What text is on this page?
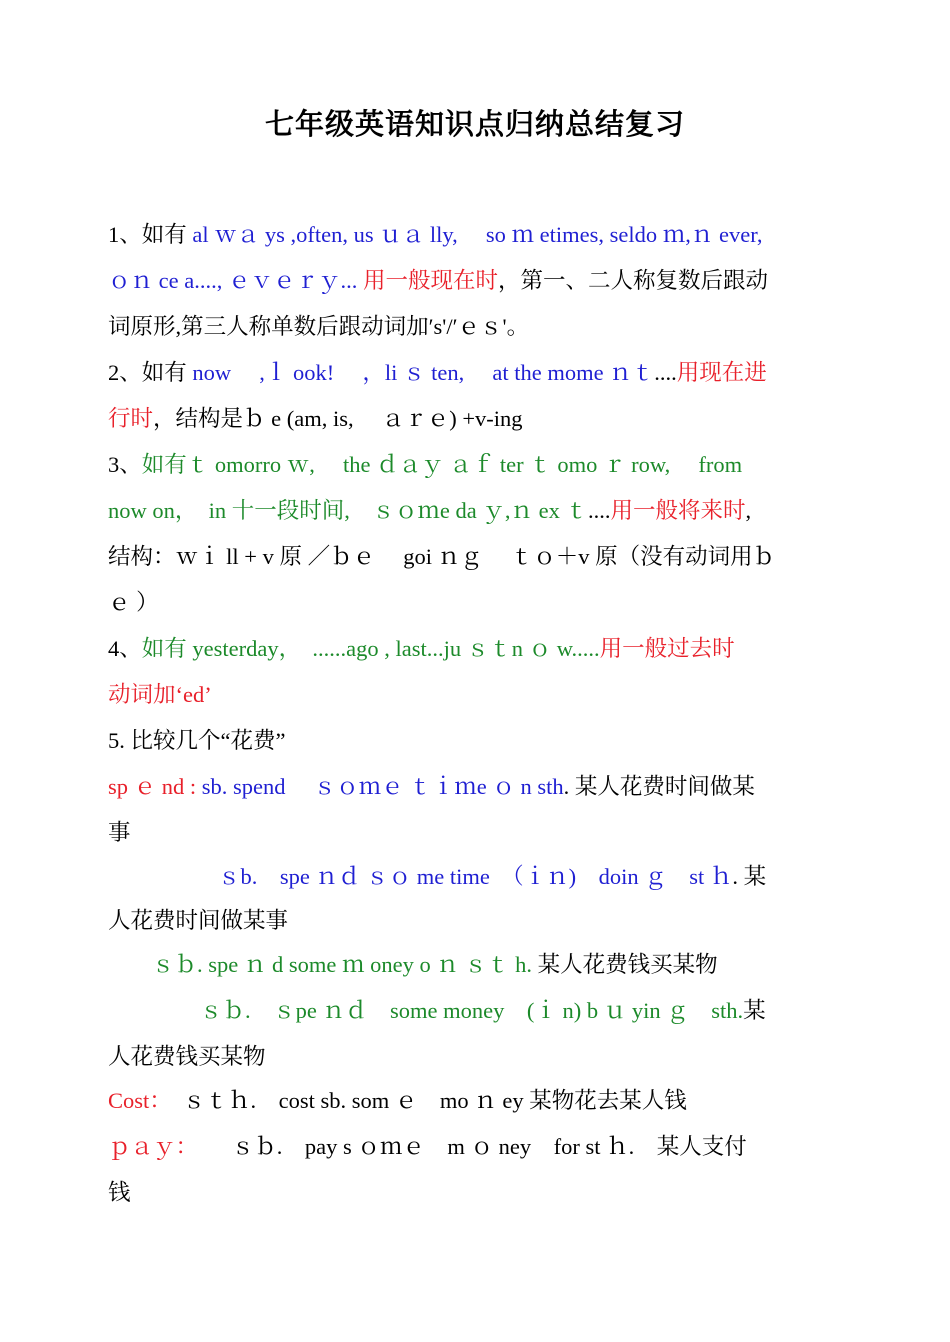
七年级英语知识点归纳总结复习
1、如有 al ｗａ ys ,often, us ｕａ lly,　 so ｍ etimes, seldo ｍ,ｎ ever,
ｏｎ ce a...., ｅｖｅｒｙ... 用一般现在时，第一、二人称复数后跟动
词原形,第三人称单数后跟动词加′s'/′ｅｓ'。
2、如有 now 　,ｌ ook!　 ，li ｓ ten,　 at the mome ｎｔ....用现在进
行时，结构是ｂ e (am, is,　 ａｒｅ) +v-ing
3、如有ｔ omorro ｗ,　 the ｄａｙ ａｆ ter ｔ omo ｒ row,　 from
now on，　in 十一段时间,　ｓｏｍe da ｙ,ｎ ex ｔ....用一般将来时,
结构：ｗｉ ll + v 原 ／ｂｅ　 goi ｎｇ　 ｔｏ＋v 原（没有动词用ｂ
ｅ ）
4、如有 yesterday，　......ago , last...ju ｓｔn ｏ w.....用一般过去时
动词加‘ed’
5. 比较几个“花费”
sp ｅ nd : sb. spend　 ｓｏｍｅ ｔｉｍe ｏ n sth. 某人花费时间做某
事
ｓb.　spe ｎｄ ｓｏ me time　（ｉｎ)　doin ｇ　st ｈ. 某
人花费时间做某事
ｓｂ. spe ｎ d some ｍ oney o ｎ ｓｔ h. 某人花费钱买某物
ｓｂ.　ｓpe ｎｄ　some money　(ｉ n) b ｕ yin ｇ　sth.某
人花费钱买某物
Cost：　ｓｔｈ.　cost sb. som ｅ　mo ｎ ey 某物花去某人钱
ｐａｙ：　　ｓｂ.　pay s ｏｍｅ　m ｏ ney　for st ｈ.　某人支付
钱
